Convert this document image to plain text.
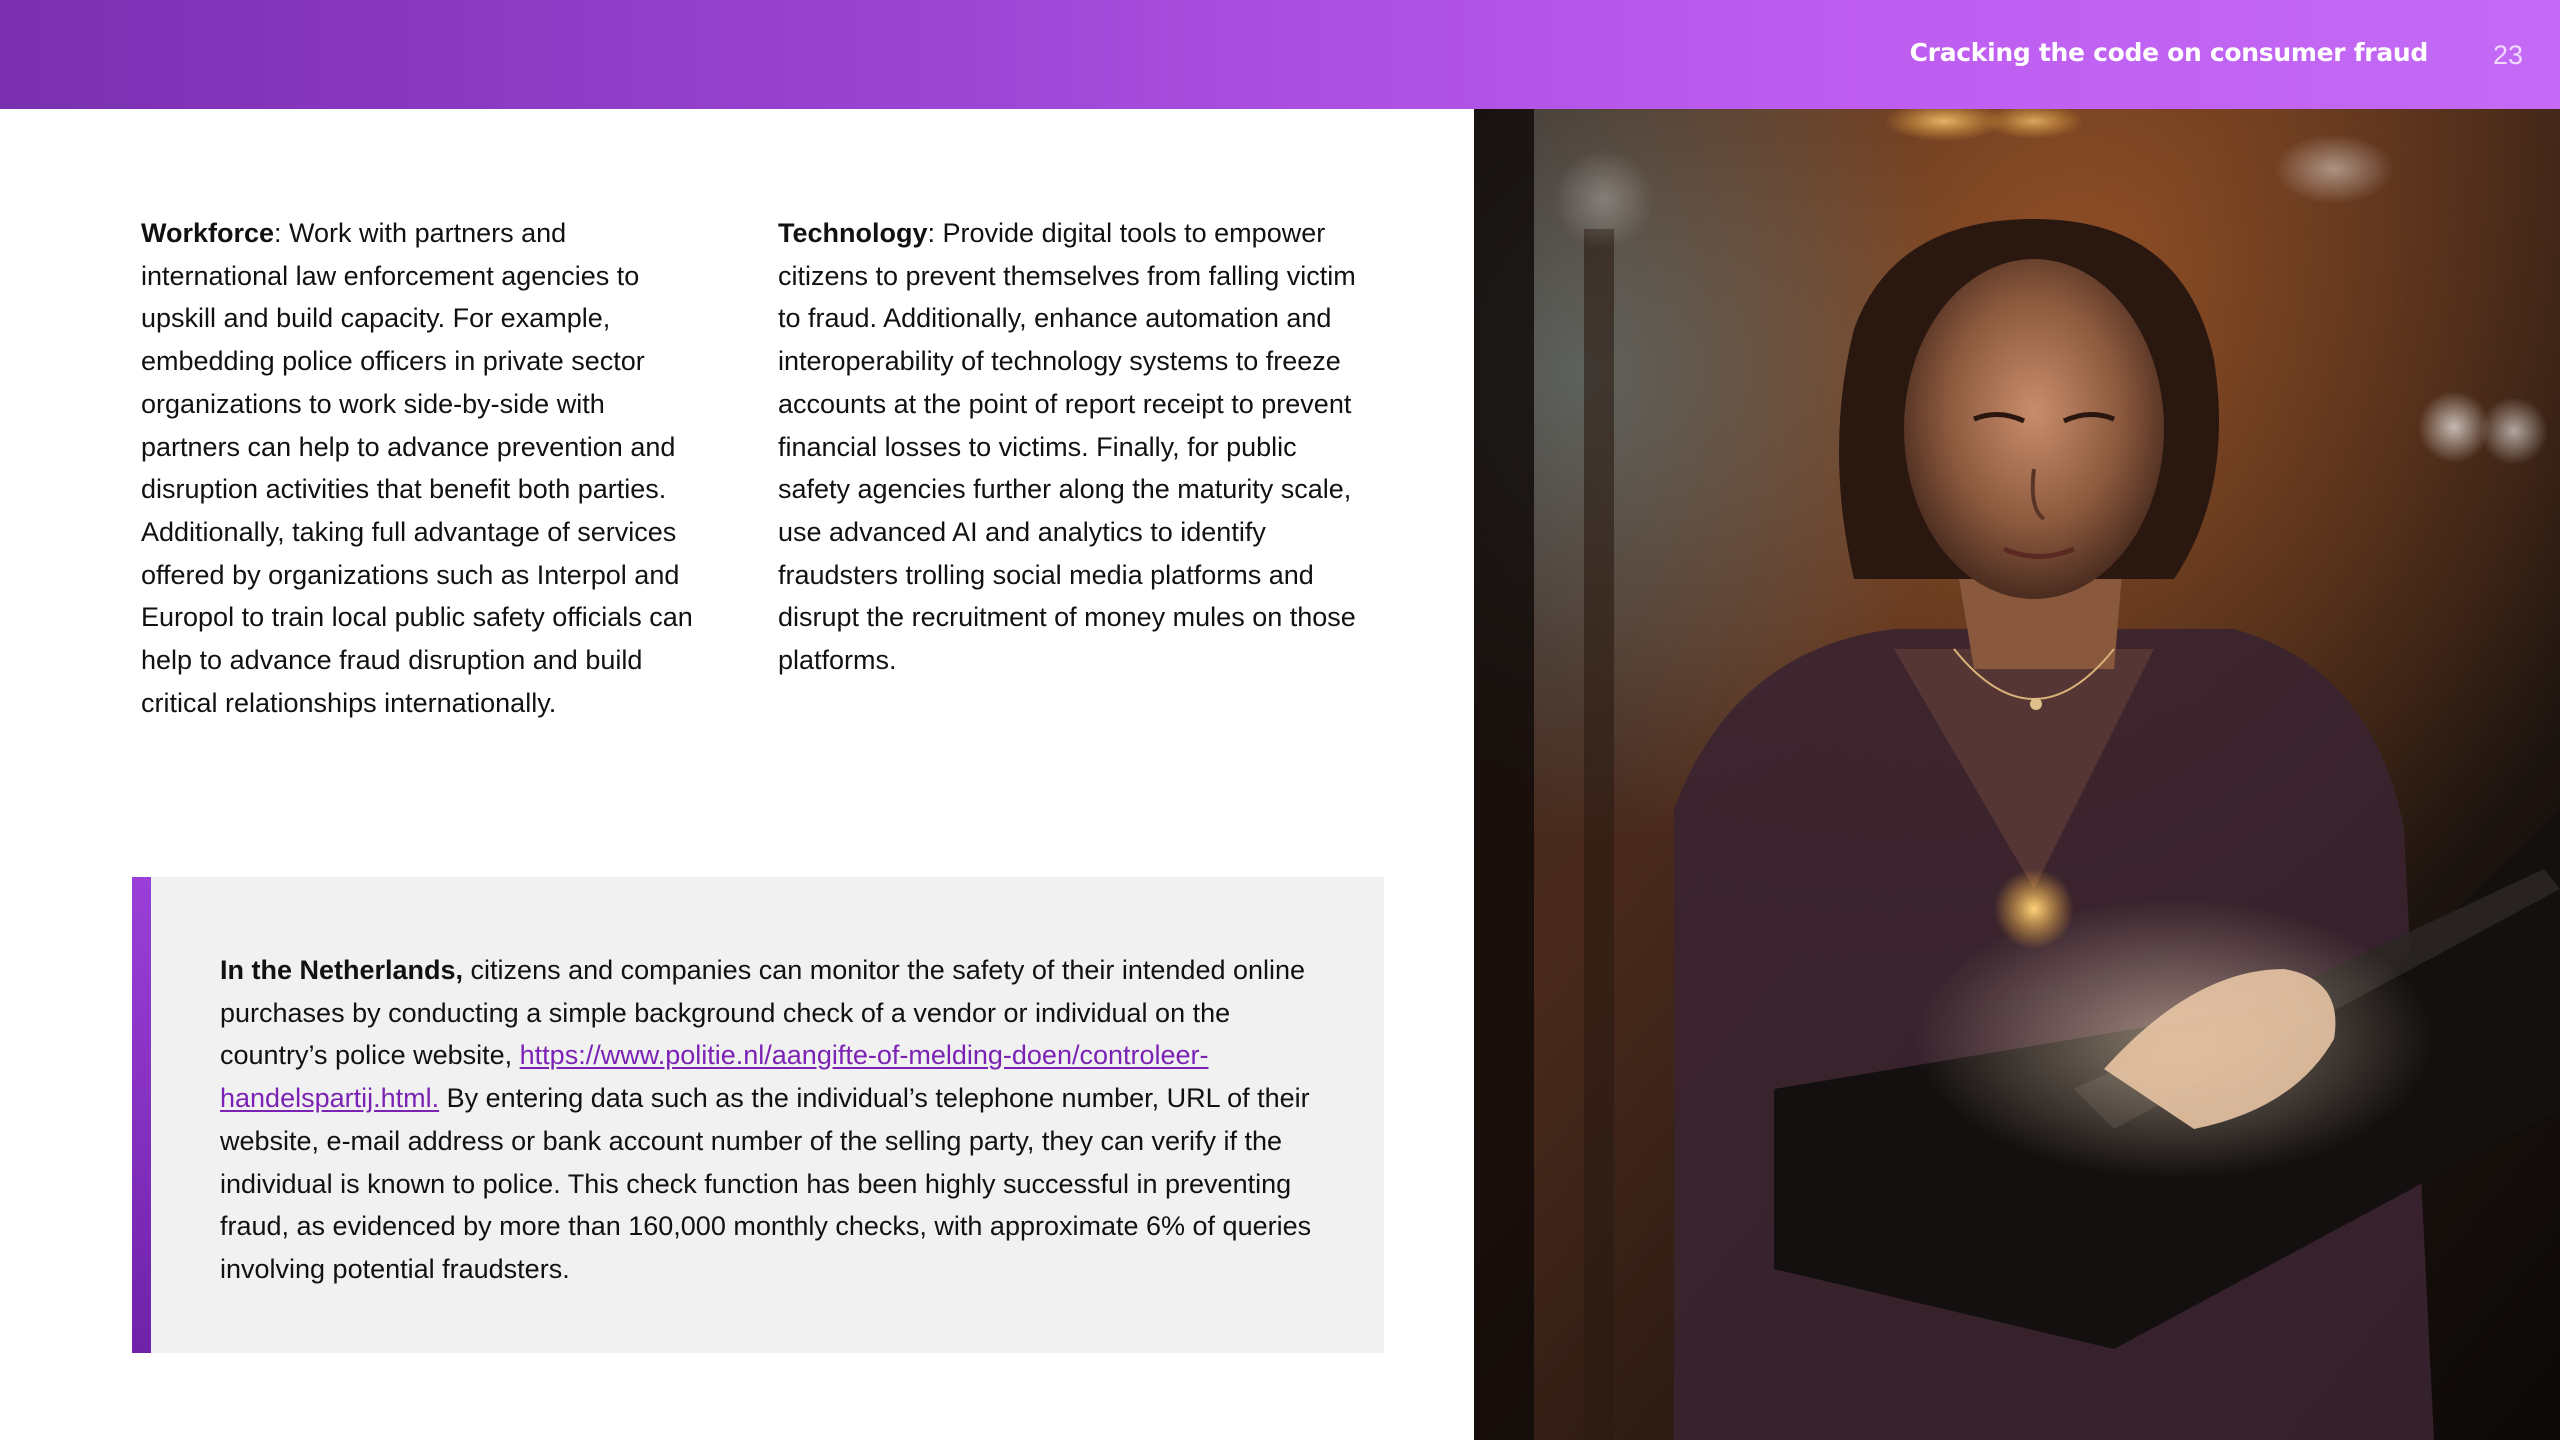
Cracking the code on consumer fraud 23

Workforce: Work with partners and international law enforcement agencies to upskill and build capacity. For example, embedding police officers in private sector organizations to work side-by-side with partners can help to advance prevention and disruption activities that benefit both parties. Additionally, taking full advantage of services offered by organizations such as Interpol and Europol to train local public safety officials can help to advance fraud disruption and build critical relationships internationally.

Technology: Provide digital tools to empower citizens to prevent themselves from falling victim to fraud. Additionally, enhance automation and interoperability of technology systems to freeze accounts at the point of report receipt to prevent financial losses to victims. Finally, for public safety agencies further along the maturity scale, use advanced AI and analytics to identify fraudsters trolling social media platforms and disrupt the recruitment of money mules on those platforms.

In the Netherlands, citizens and companies can monitor the safety of their intended online purchases by conducting a simple background check of a vendor or individual on the country’s police website, https://www.politie.nl/aangifte-of-melding-doen/controleer-handelspartij.html. By entering data such as the individual’s telephone number, URL of their website, e-mail address or bank account number of the selling party, they can verify if the individual is known to police. This check function has been highly successful in preventing fraud, as evidenced by more than 160,000 monthly checks, with approximate 6% of queries involving potential fraudsters.
